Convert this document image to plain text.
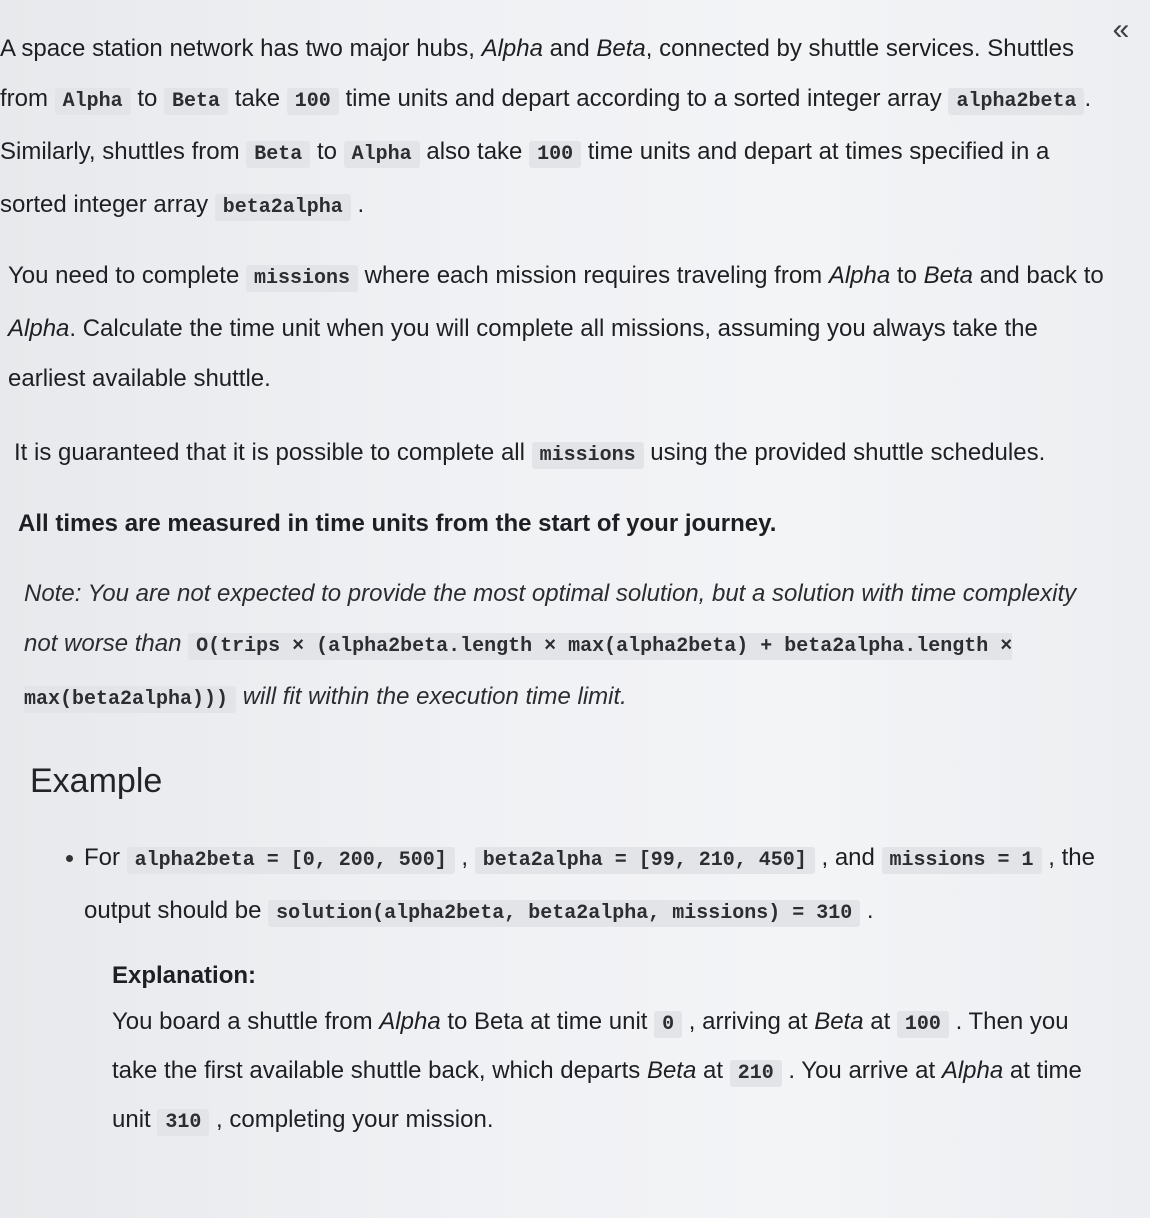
«

A space station network has two major hubs, Alpha and Beta, connected by shuttle services. Shuttles from Alpha to Beta take 100 time units and depart according to a sorted integer array alpha2beta . Similarly, shuttles from Beta to Alpha also take 100 time units and depart at times specified in a sorted integer array beta2alpha .

You need to complete missions where each mission requires traveling from Alpha to Beta and back to Alpha. Calculate the time unit when you will complete all missions, assuming you always take the earliest available shuttle.

It is guaranteed that it is possible to complete all missions using the provided shuttle schedules.

All times are measured in time units from the start of your journey.

Note: You are not expected to provide the most optimal solution, but a solution with time complexity not worse than O(trips × (alpha2beta.length × max(alpha2beta) + beta2alpha.length × max(beta2alpha))) will fit within the execution time limit.

Example
For alpha2beta = [0, 200, 500] , beta2alpha = [99, 210, 450] , and missions = 1 , the output should be solution(alpha2beta, beta2alpha, missions) = 310 .
Explanation:

You board a shuttle from Alpha to Beta at time unit 0 , arriving at Beta at 100 . Then you take the first available shuttle back, which departs Beta at 210 . You arrive at Alpha at time unit 310 , completing your mission.
